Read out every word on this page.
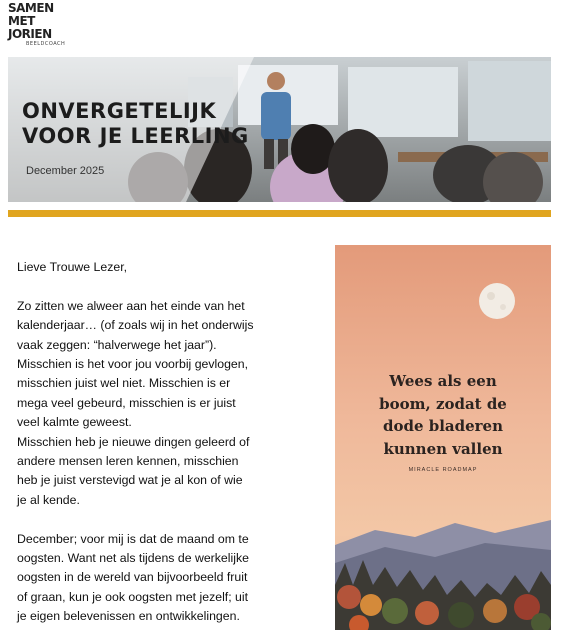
SAMEN
MET
JORIEN
BEELDCOACH
ONVERGETELIJK
VOOR JE LEERLING
December 2025

Lieve Trouwe Lezer,

Zo zitten we alweer aan het einde van het

kalenderjaar… (of zoals wij in het onderwijs

vaak zeggen: “halverwege het jaar”).

Misschien is het voor jou voorbij gevlogen,

misschien juist wel niet. Misschien is er

mega veel gebeurd, misschien is er juist

veel kalmte geweest.

Misschien heb je nieuwe dingen geleerd of

andere mensen leren kennen, misschien

heb je juist verstevigd wat je al kon of wie

je al kende.

December; voor mij is dat de maand om te

oogsten. Want net als tijdens de werkelijke

oogsten in de wereld van bijvoorbeeld fruit

of graan, kun je ook oogsten met jezelf; uit

je eigen belevenissen en ontwikkelingen.

Wees als een
boom, zodat de
dode bladeren
kunnen vallen
MIRACLE ROADMAP
